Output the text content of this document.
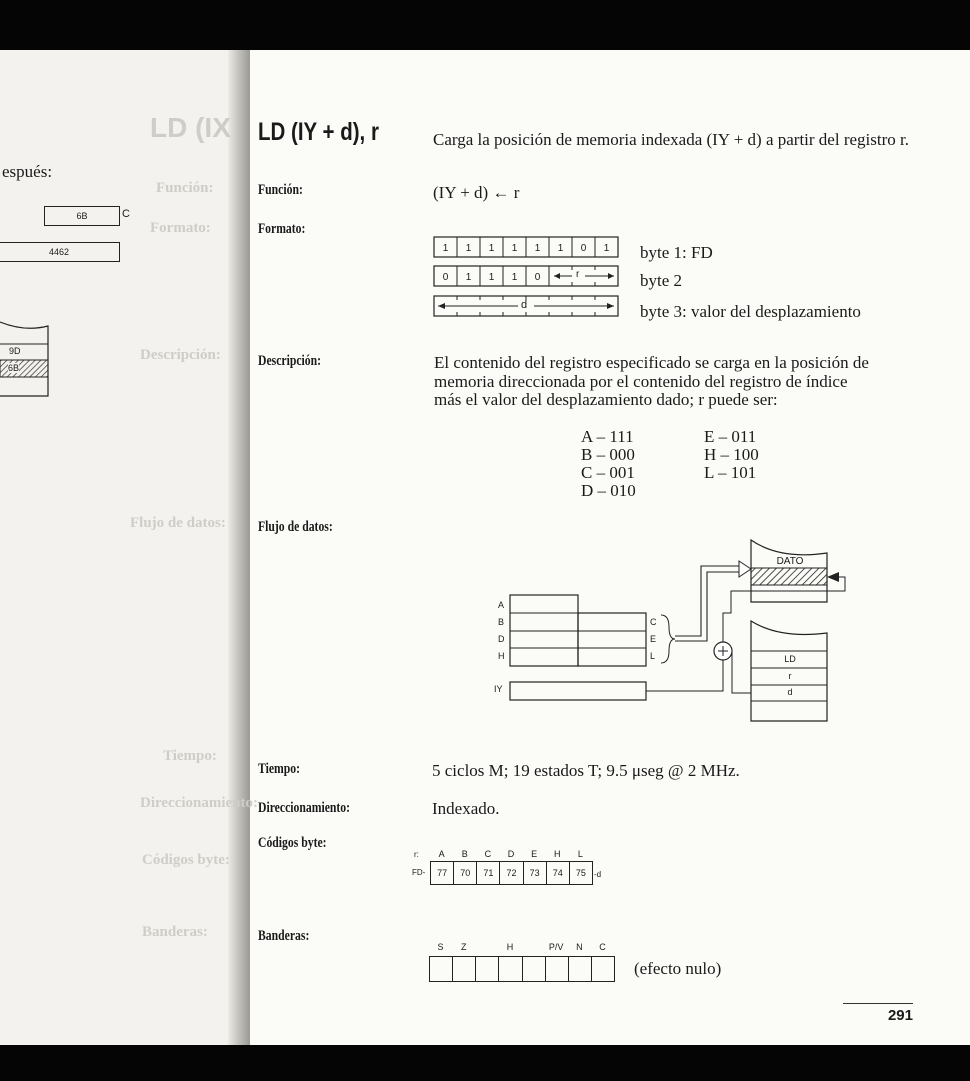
espués:
6B	C
4462
9D
6B
LD (IX
Función:
Formato:
Descripción:
Flujo de datos:
Tiempo:
Direccionamiento:
Códigos byte:
Banderas:
LD (IY + d), r	Carga la posición de memoria indexada (IY + d) a partir del registro r.
Función:	(IY + d) ← r
Formato:
1	1	1	1	1	1	0	1
0	1	1	1	0	r
d
byte 1: FD
byte 2
byte 3: valor del desplazamiento
Descripción:	El contenido del registro especificado se carga en la posición de
memoria direccionada por el contenido del registro de índice
más el valor del desplazamiento dado; r puede ser:
A – 111
B – 000
C – 001
D – 010
E – 011
H – 100
L – 101
Flujo de datos:
A
B
D
H
C
E
L
IY
DATO
LD
r
d
Tiempo:	5 ciclos M; 19 estados T; 9.5 μseg @ 2 MHz.
Direccionamiento:	Indexado.
Códigos byte:
r:	A	B	C	D	E	H	L
FD-	77	70	71	72	73	74	75	-d
Banderas:
S	Z	H	P/V	N	C
(efecto nulo)
291
